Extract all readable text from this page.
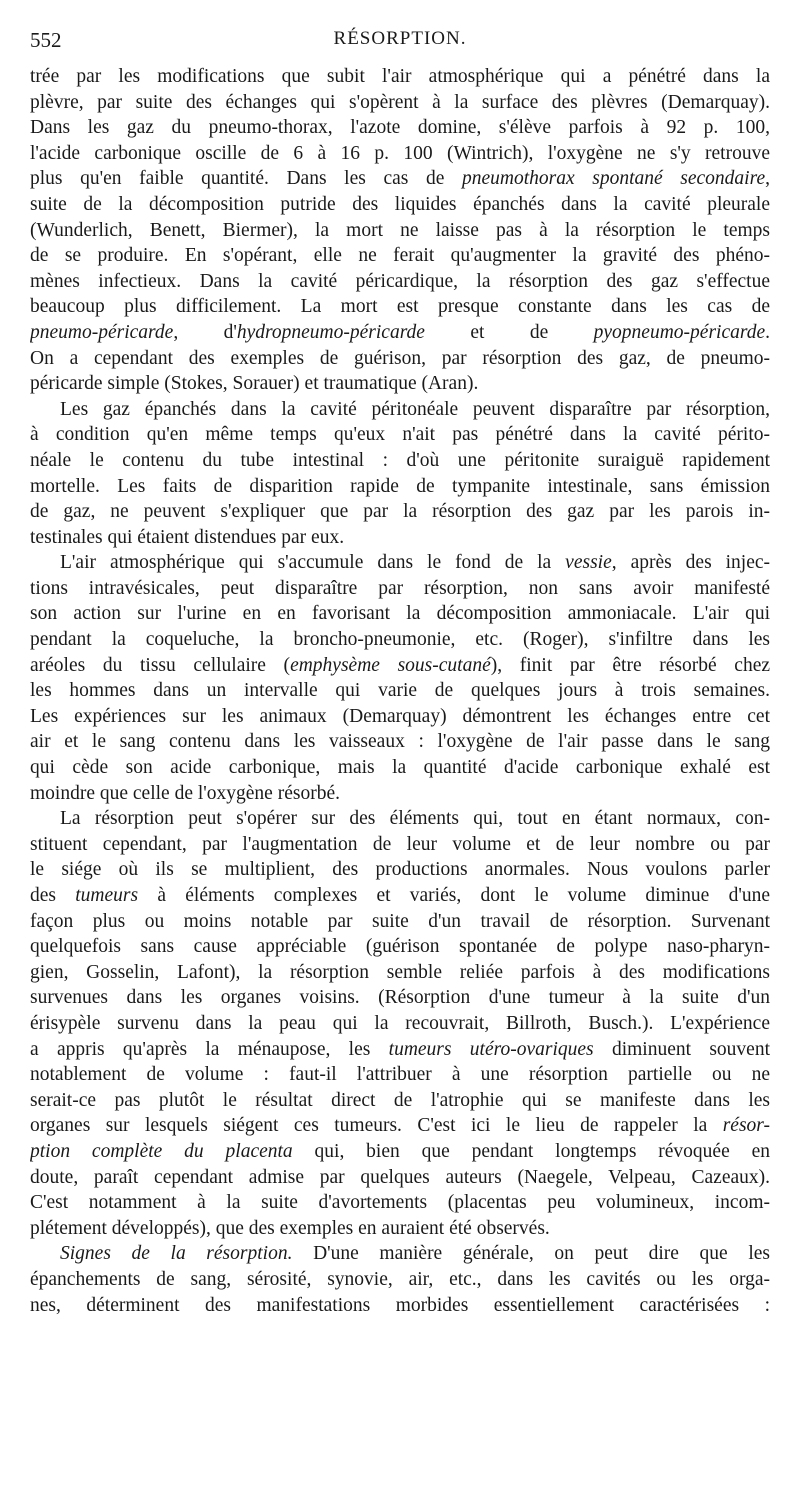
552	RÉSORPTION.
trée par les modifications que subit l'air atmosphérique qui a pénétré dans la
plèvre, par suite des échanges qui s'opèrent à la surface des plèvres (Demarquay).
Dans les gaz du pneumo-thorax, l'azote domine, s'élève parfois à 92 p. 100,
l'acide carbonique oscille de 6 à 16 p. 100 (Wintrich), l'oxygène ne s'y retrouve
plus qu'en faible quantité. Dans les cas de pneumothorax spontané secondaire,
suite de la décomposition putride des liquides épanchés dans la cavité pleurale
(Wunderlich, Benett, Biermer), la mort ne laisse pas à la résorption le temps
de se produire. En s'opérant, elle ne ferait qu'augmenter la gravité des phéno-
mènes infectieux. Dans la cavité péricardique, la résorption des gaz s'effectue
beaucoup plus difficilement. La mort est presque constante dans les cas de
pneumo-péricarde, d'hydropneumo-péricarde et de pyopneumo-péricarde.
On a cependant des exemples de guérison, par résorption des gaz, de pneumo-
péricarde simple (Stokes, Sorauer) et traumatique (Aran).
Les gaz épanchés dans la cavité péritonéale peuvent disparaître par résorption,
à condition qu'en même temps qu'eux n'ait pas pénétré dans la cavité périto-
néale le contenu du tube intestinal : d'où une péritonite suraiguë rapidement
mortelle. Les faits de disparition rapide de tympanite intestinale, sans émission
de gaz, ne peuvent s'expliquer que par la résorption des gaz par les parois in-
testinales qui étaient distendues par eux.
L'air atmosphérique qui s'accumule dans le fond de la vessie, après des injec-
tions intravésicales, peut disparaître par résorption, non sans avoir manifesté
son action sur l'urine en en favorisant la décomposition ammoniacale. L'air qui
pendant la coqueluche, la broncho-pneumonie, etc. (Roger), s'infiltre dans les
aréoles du tissu cellulaire (emphysème sous-cutané), finit par être résorbé chez
les hommes dans un intervalle qui varie de quelques jours à trois semaines.
Les expériences sur les animaux (Demarquay) démontrent les échanges entre cet
air et le sang contenu dans les vaisseaux : l'oxygène de l'air passe dans le sang
qui cède son acide carbonique, mais la quantité d'acide carbonique exhalé est
moindre que celle de l'oxygène résorbé.
La résorption peut s'opérer sur des éléments qui, tout en étant normaux, con-
stituent cependant, par l'augmentation de leur volume et de leur nombre ou par
le siége où ils se multiplient, des productions anormales. Nous voulons parler
des tumeurs à éléments complexes et variés, dont le volume diminue d'une
façon plus ou moins notable par suite d'un travail de résorption. Survenant
quelquefois sans cause appréciable (guérison spontanée de polype naso-pharyn-
gien, Gosselin, Lafont), la résorption semble reliée parfois à des modifications
survenues dans les organes voisins. (Résorption d'une tumeur à la suite d'un
érisypèle survenu dans la peau qui la recouvrait, Billroth, Busch.). L'expérience
a appris qu'après la ménaupose, les tumeurs utéro-ovariques diminuent souvent
notablement de volume : faut-il l'attribuer à une résorption partielle ou ne
serait-ce pas plutôt le résultat direct de l'atrophie qui se manifeste dans les
organes sur lesquels siégent ces tumeurs. C'est ici le lieu de rappeler la résor-
ption complète du placenta qui, bien que pendant longtemps révoquée en
doute, paraît cependant admise par quelques auteurs (Naegele, Velpeau, Cazeaux).
C'est notamment à la suite d'avortements (placentas peu volumineux, incom-
plétement développés), que des exemples en auraient été observés.
Signes de la résorption. D'une manière générale, on peut dire que les
épanchements de sang, sérosité, synovie, air, etc., dans les cavités ou les orga-
nes, déterminent des manifestations morbides essentiellement caractérisées :
